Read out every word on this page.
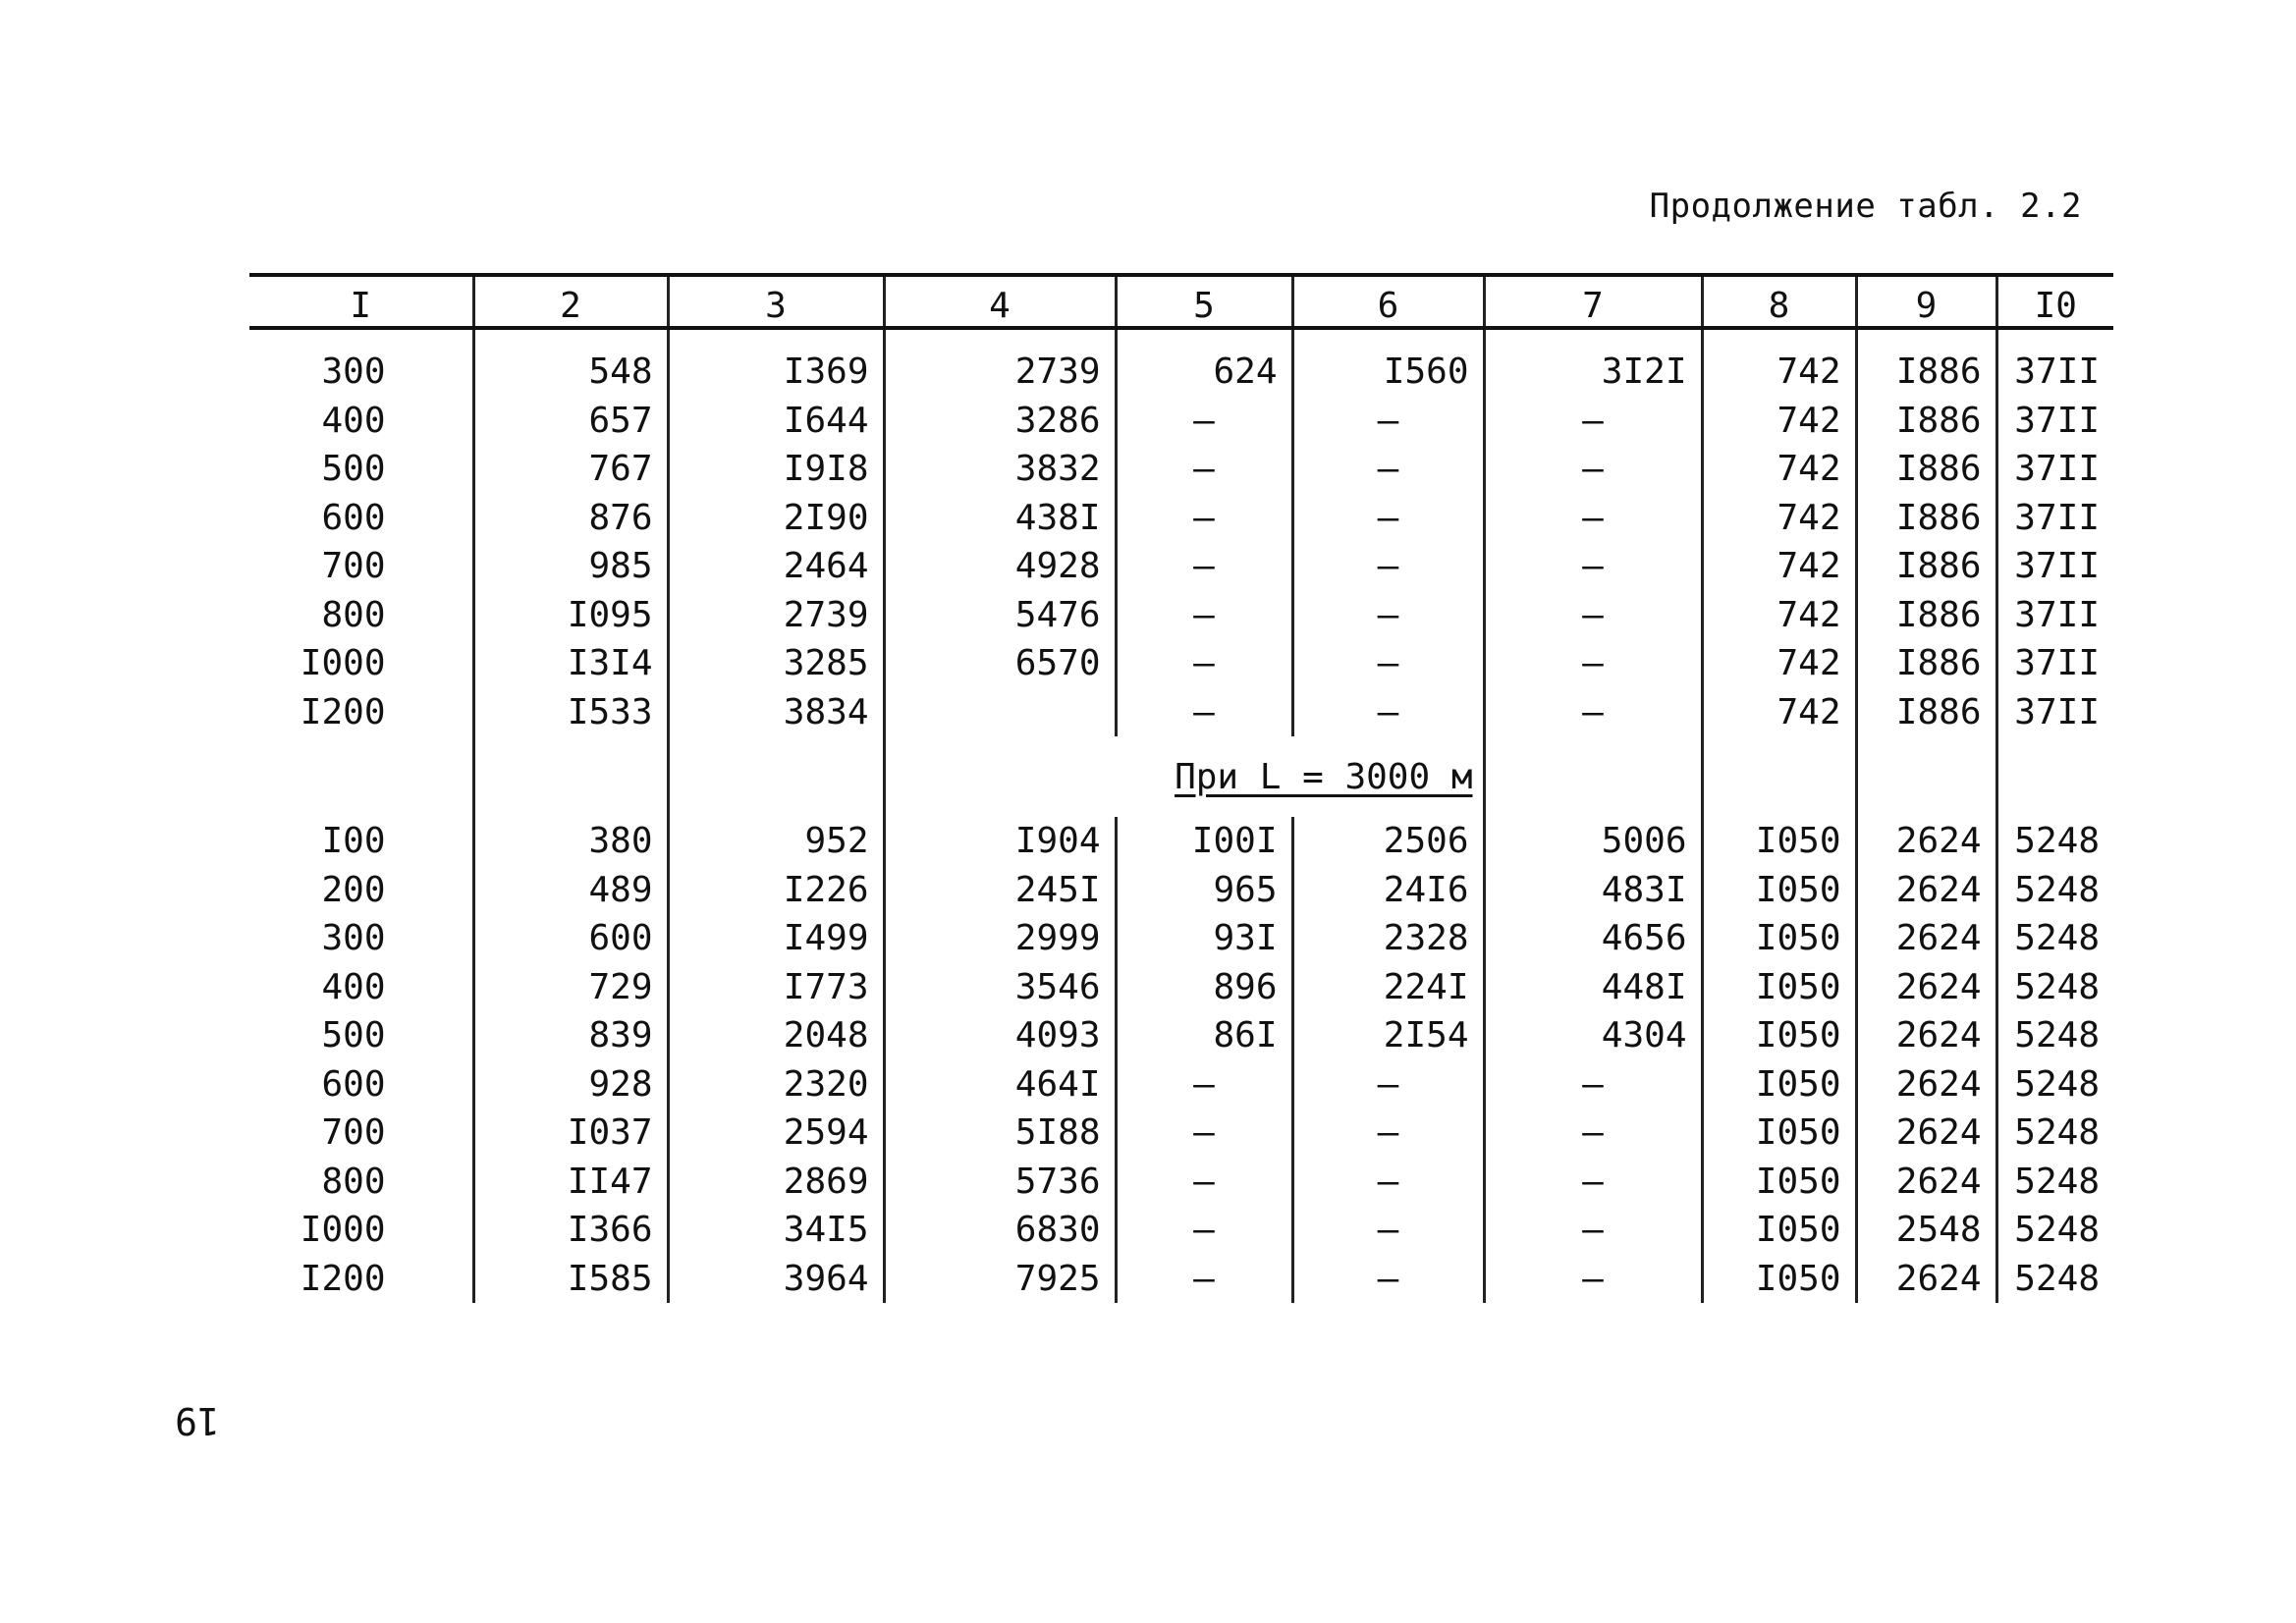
Продолжение табл. 2.2
I	2	3	4	5	6	7	8	9	I0
300	548	I369	2739	624	I560	3I2I	742	I886	37II
400	657	I644	3286	–	–	–	742	I886	37II
500	767	I9I8	3832	–	–	–	742	I886	37II
600	876	2I90	438I	–	–	–	742	I886	37II
700	985	2464	4928	–	–	–	742	I886	37II
800	I095	2739	5476	–	–	–	742	I886	37II
I000	I3I4	3285	6570	–	–	–	742	I886	37II
I200	I533	3834		–	–	–	742	I886	37II
			При L = 3000 м						
I00	380	952	I904	I00I	2506	5006	I050	2624	5248
200	489	I226	245I	965	24I6	483I	I050	2624	5248
300	600	I499	2999	93I	2328	4656	I050	2624	5248
400	729	I773	3546	896	224I	448I	I050	2624	5248
500	839	2048	4093	86I	2I54	4304	I050	2624	5248
600	928	2320	464I	–	–	–	I050	2624	5248
700	I037	2594	5I88	–	–	–	I050	2624	5248
800	II47	2869	5736	–	–	–	I050	2624	5248
I000	I366	34I5	6830	–	–	–	I050	2548	5248
I200	I585	3964	7925	–	–	–	I050	2624	5248
19
